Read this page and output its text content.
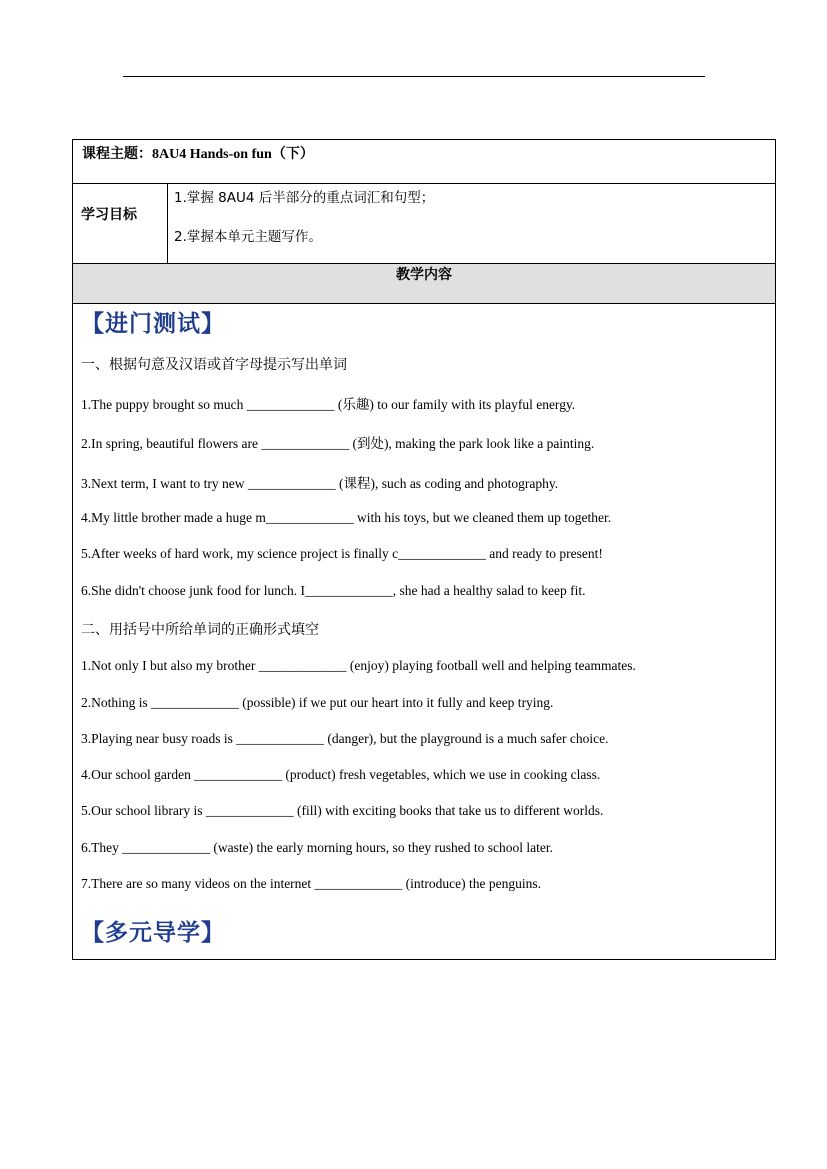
课程主题：8AU4 Hands-on fun（下）
学习目标
1.掌握 8AU4 后半部分的重点词汇和句型；
2.掌握本单元主题写作。
教学内容
【进门测试】
一、根据句意及汉语或首字母提示写出单词
1.The puppy brought so much _____________ (乐趣) to our family with its playful energy.
2.In spring, beautiful flowers are _____________ (到处), making the park look like a painting.
3.Next term, I want to try new _____________ (课程), such as coding and photography.
4.My little brother made a huge m_____________ with his toys, but we cleaned them up together.
5.After weeks of hard work, my science project is finally c_____________ and ready to present!
6.She didn't choose junk food for lunch. I_____________, she had a healthy salad to keep fit.
二、用括号中所给单词的正确形式填空
1.Not only I but also my brother _____________ (enjoy) playing football well and helping teammates.
2.Nothing is _____________ (possible) if we put our heart into it fully and keep trying.
3.Playing near busy roads is _____________ (danger), but the playground is a much safer choice.
4.Our school garden _____________ (product) fresh vegetables, which we use in cooking class.
5.Our school library is _____________ (fill) with exciting books that take us to different worlds.
6.They _____________ (waste) the early morning hours, so they rushed to school later.
7.There are so many videos on the internet _____________ (introduce) the penguins.
【多元导学】
